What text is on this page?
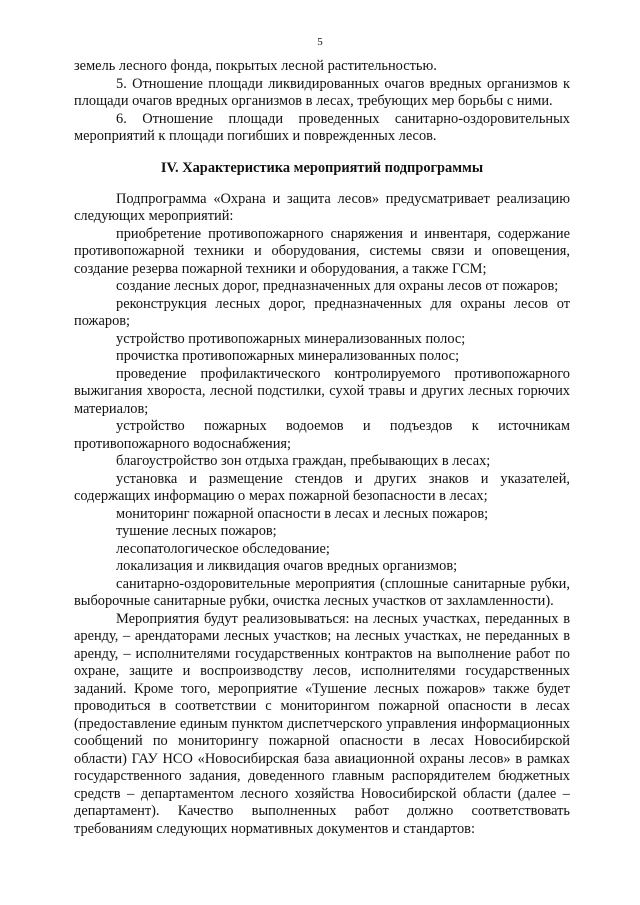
5

земель лесного фонда, покрытых лесной растительностью.

5. Отношение площади ликвидированных очагов вредных организмов к площади очагов вредных организмов в лесах, требующих мер борьбы с ними.

6. Отношение площади проведенных санитарно-оздоровительных мероприятий к площади погибших и поврежденных лесов.

IV. Характеристика мероприятий подпрограммы

Подпрограмма «Охрана и защита лесов» предусматривает реализацию следующих мероприятий:

приобретение противопожарного снаряжения и инвентаря, содержание противопожарной техники и оборудования, системы связи и оповещения, создание резерва пожарной техники и оборудования, а также ГСМ;

создание лесных дорог, предназначенных для охраны лесов от пожаров;

реконструкция лесных дорог, предназначенных для охраны лесов от пожаров;

устройство противопожарных минерализованных полос;

прочистка противопожарных минерализованных полос;

проведение профилактического контролируемого противопожарного выжигания хвороста, лесной подстилки, сухой травы и других лесных горючих материалов;

устройство пожарных водоемов и подъездов к источникам противопожарного водоснабжения;

благоустройство зон отдыха граждан, пребывающих в лесах;

установка и размещение стендов и других знаков и указателей, содержащих информацию о мерах пожарной безопасности в лесах;

мониторинг пожарной опасности в лесах и лесных пожаров;

тушение лесных пожаров;

лесопатологическое обследование;

локализация и ликвидация очагов вредных организмов;

санитарно-оздоровительные мероприятия (сплошные санитарные рубки, выборочные санитарные рубки, очистка лесных участков от захламленности).

Мероприятия будут реализовываться: на лесных участках, переданных в аренду, – арендаторами лесных участков; на лесных участках, не переданных в аренду, – исполнителями государственных контрактов на выполнение работ по охране, защите и воспроизводству лесов, исполнителями государственных заданий. Кроме того, мероприятие «Тушение лесных пожаров» также будет проводиться в соответствии с мониторингом пожарной опасности в лесах (предоставление единым пунктом диспетчерского управления информационных сообщений по мониторингу пожарной опасности в лесах Новосибирской области) ГАУ НСО «Новосибирская база авиационной охраны лесов» в рамках государственного задания, доведенного главным распорядителем бюджетных средств – департаментом лесного хозяйства Новосибирской области (далее – департамент). Качество выполненных работ должно соответствовать требованиям следующих нормативных документов и стандартов:
